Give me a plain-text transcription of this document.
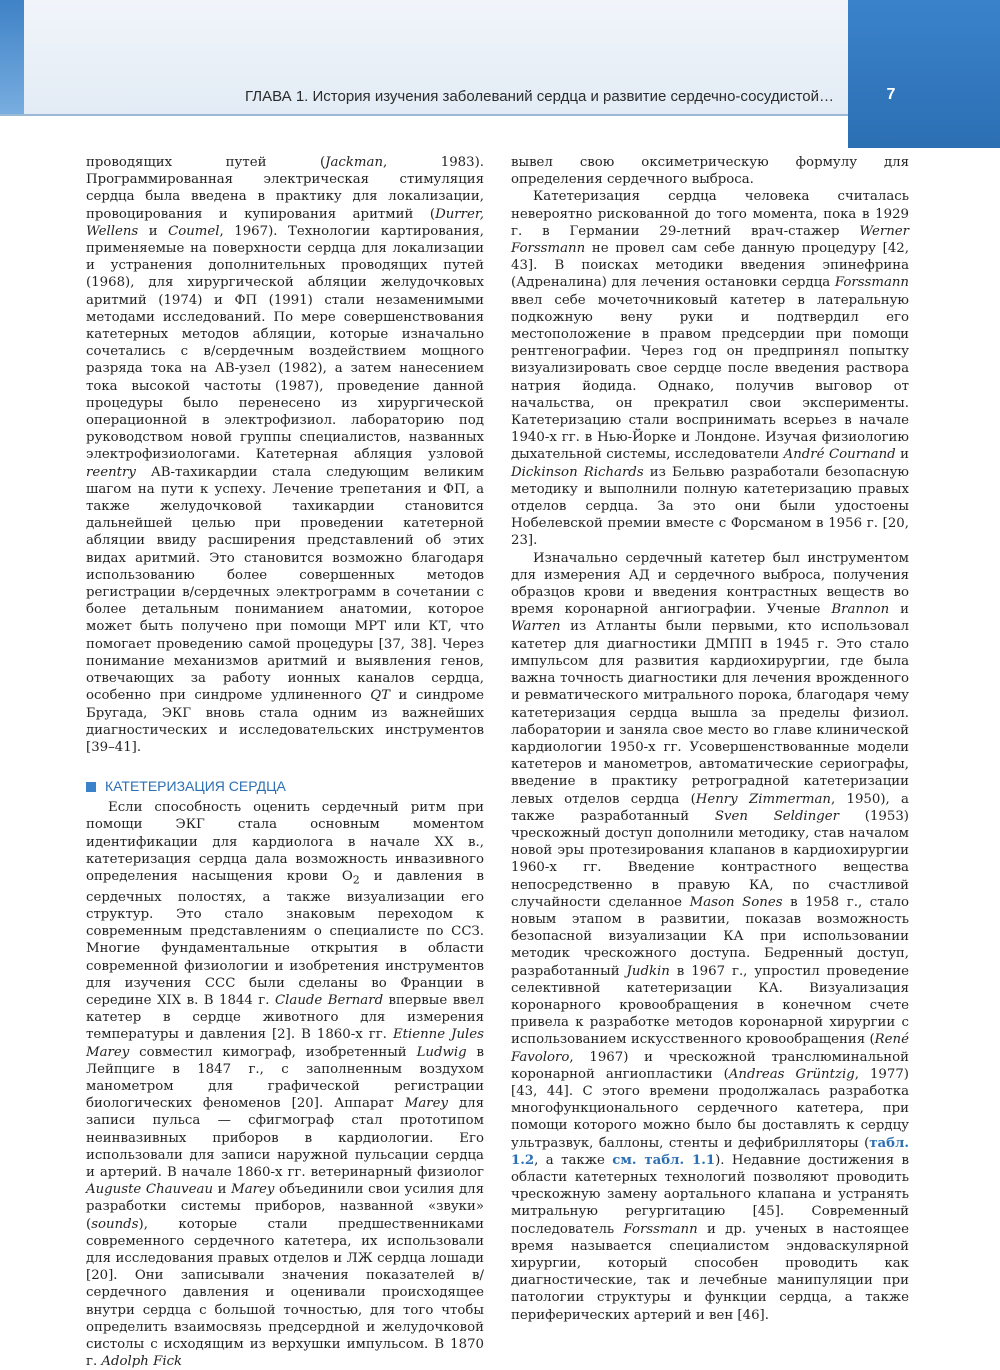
ГЛАВА 1. История изучения заболеваний сердца и развитие сердечно-сосудистой…	7

проводящих путей (Jackman, 1983). Программированная электрическая стимуляция сердца была введена в практику для локализации, провоцирования и купирования аритмий (Durrer, Wellens и Coumel, 1967). Технологии картирования, применяемые на поверхности сердца для локализации и устранения дополнительных проводящих путей (1968), для хирургической абляции желудочковых аритмий (1974) и ФП (1991) стали незаменимыми методами исследований. По мере совершенствования катетерных методов абляции, которые изначально сочетались с в/сердечным воздействием мощного разряда тока на АВ-узел (1982), а затем нанесением тока высокой частоты (1987), проведение данной процедуры было перенесено из хирургической операционной в электрофизиол. лабораторию под руководством новой группы специалистов, названных электрофизиологами. Катетерная абляция узловой reentry АВ-тахикардии стала следующим великим шагом на пути к успеху. Лечение трепетания и ФП, а также желудочковой тахикардии становится дальнейшей целью при проведении катетерной абляции ввиду расширения представлений об этих видах аритмий. Это становится возможно благодаря использованию более совершенных методов регистрации в/сердечных электрограмм в сочетании с более детальным пониманием анатомии, которое может быть получено при помощи МРТ или КТ, что помогает проведению самой процедуры [37, 38]. Через понимание механизмов аритмий и выявления генов, отвечающих за работу ионных каналов сердца, особенно при синдроме удлиненного QT и синдроме Бругада, ЭКГ вновь стала одним из важнейших диагностических и исследовательских инструментов [39–41].

КАТЕТЕРИЗАЦИЯ СЕРДЦА

Если способность оценить сердечный ритм при помощи ЭКГ стала основным моментом идентификации для кардиолога в начале XX в., катетеризация сердца дала возможность инвазивного определения насыщения крови $O_2$ и давления в сердечных полостях, а также визуализации его структур. Это стало знаковым переходом к современным представлениям о специалисте по ССЗ. Многие фундаментальные открытия в области современной физиологии и изобретения инструментов для изучения ССС были сделаны во Франции в середине XIX в. В 1844 г. Claude Bernard впервые ввел катетер в сердце животного для измерения температуры и давления [2]. В 1860-х гг. Etienne Jules Marey совместил кимограф, изобретенный Ludwig в Лейпциге в 1847 г., с заполненным воздухом манометром для графической регистрации биологических феноменов [20]. Аппарат Marey для записи пульса — сфигмограф стал прототипом неинвазивных приборов в кардиологии. Его использовали для записи наружной пульсации сердца и артерий. В начале 1860-х гг. ветеринарный физиолог Auguste Chauveau и Marey объединили свои усилия для разработки системы приборов, названной «звуки» (sounds), которые стали предшественниками современного сердечного катетера, их использовали для исследования правых отделов и ЛЖ сердца лошади [20]. Они записывали значения показателей в/сердечного давления и оценивали происходящее внутри сердца с большой точностью, для того чтобы определить взаимосвязь предсердной и желудочковой систолы с исходящим из верхушки импульсом. В 1870 г. Adolph Fick

вывел свою оксиметрическую формулу для определения сердечного выброса.

Катетеризация сердца человека считалась невероятно рискованной до того момента, пока в 1929 г. в Германии 29-летний врач-стажер Werner Forssmann не провел сам себе данную процедуру [42, 43]. В поисках методики введения эпинефрина (Адреналина) для лечения остановки сердца Forssmann ввел себе мочеточниковый катетер в латеральную подкожную вену руки и подтвердил его местоположение в правом предсердии при помощи рентгенографии. Через год он предпринял попытку визуализировать свое сердце после введения раствора натрия йодида. Однако, получив выговор от начальства, он прекратил свои эксперименты. Катетеризацию стали воспринимать всерьез в начале 1940-х гг. в Нью-Йорке и Лондоне. Изучая физиологию дыхательной системы, исследователи André Cournand и Dickinson Richards из Бельвю разработали безопасную методику и выполнили полную катетеризацию правых отделов сердца. За это они были удостоены Нобелевской премии вместе с Форсманом в 1956 г. [20, 23].

Изначально сердечный катетер был инструментом для измерения АД и сердечного выброса, получения образцов крови и введения контрастных веществ во время коронарной ангиографии. Ученые Brannon и Warren из Атланты были первыми, кто использовал катетер для диагностики ДМПП в 1945 г. Это стало импульсом для развития кардиохирургии, где была важна точность диагностики для лечения врожденного и ревматического митрального порока, благодаря чему катетеризация сердца вышла за пределы физиол. лаборатории и заняла свое место во главе клинической кардиологии 1950-х гг. Усовершенствованные модели катетеров и манометров, автоматические сериографы, введение в практику ретроградной катетеризации левых отделов сердца (Henry Zimmerman, 1950), а также разработанный Sven Seldinger (1953) чрескожный доступ дополнили методику, став началом новой эры протезирования клапанов в кардиохирургии 1960-х гг. Введение контрастного вещества непосредственно в правую КА, по счастливой случайности сделанное Mason Sones в 1958 г., стало новым этапом в развитии, показав возможность безопасной визуализации КА при использовании методик чрескожного доступа. Бедренный доступ, разработанный Judkin в 1967 г., упростил проведение селективной катетеризации КА. Визуализация коронарного кровообращения в конечном счете привела к разработке методов коронарной хирургии с использованием искусственного кровообращения (René Favoloro, 1967) и чрескожной транслюминальной коронарной ангиопластики (Andreas Grüntzig, 1977) [43, 44]. С этого времени продолжалась разработка многофункционального сердечного катетера, при помощи которого можно было бы доставлять к сердцу ультразвук, баллоны, стенты и дефибрилляторы (табл. 1.2, а также см. табл. 1.1). Недавние достижения в области катетерных технологий позволяют проводить чрескожную замену аортального клапана и устранять митральную регургитацию [45]. Современный последователь Forssmann и др. ученых в настоящее время называется специалистом эндоваскулярной хирургии, который способен проводить как диагностические, так и лечебные манипуляции при патологии структуры и функции сердца, а также периферических артерий и вен [46].
